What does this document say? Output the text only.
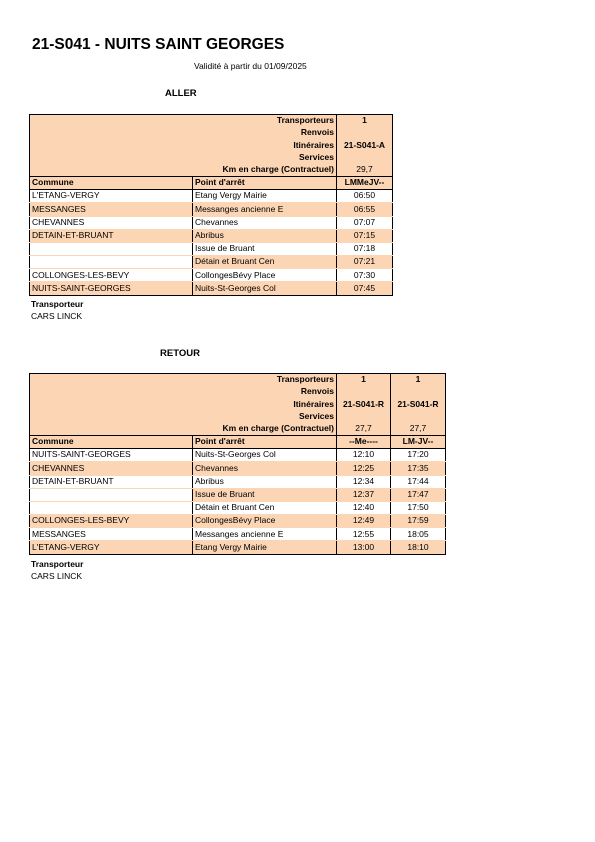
21-S041 - NUITS SAINT GEORGES
Validité à partir du 01/09/2025
ALLER
Transporteurs		1
Renvois		
Itinéraires		21-S041-A
Services		
Km en charge (Contractuel)		29,7
Commune	Point d'arrêt	LMMeJV--
L'ETANG-VERGY	Etang Vergy Mairie	06:50
MESSANGES	Messanges ancienne E	06:55
CHEVANNES	Chevannes	07:07
DETAIN-ET-BRUANT	Abribus	07:15
	Issue de Bruant	07:18
	Détain et Bruant Cen	07:21
COLLONGES-LES-BEVY	CollongesBévy Place	07:30
NUITS-SAINT-GEORGES	Nuits-St-Georges Col	07:45
Transporteur
CARS LINCK
RETOUR
Transporteurs		1	1
Renvois			
Itinéraires		21-S041-R	21-S041-R
Services			
Km en charge (Contractuel)		27,7	27,7
Commune	Point d'arrêt	--Me----	LM-JV--
NUITS-SAINT-GEORGES	Nuits-St-Georges Col	12:10	17:20
CHEVANNES	Chevannes	12:25	17:35
DETAIN-ET-BRUANT	Abribus	12:34	17:44
	Issue de Bruant	12:37	17:47
	Détain et Bruant Cen	12:40	17:50
COLLONGES-LES-BEVY	CollongesBévy Place	12:49	17:59
MESSANGES	Messanges ancienne E	12:55	18:05
L'ETANG-VERGY	Etang Vergy Mairie	13:00	18:10
Transporteur
CARS LINCK
